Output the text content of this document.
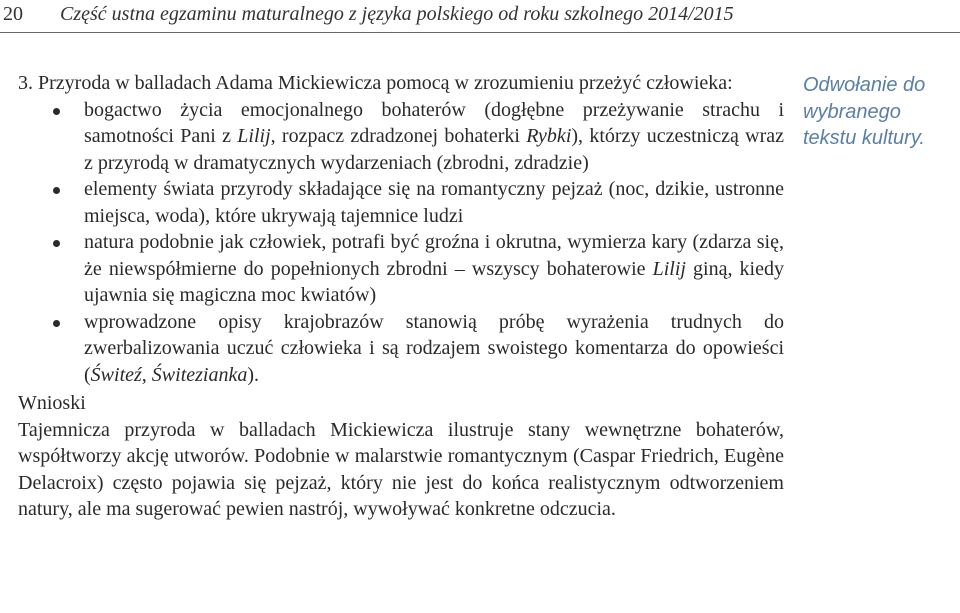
20 Część ustna egzaminu maturalnego z języka polskiego od roku szkolnego 2014/2015

3. Przyroda w balladach Adama Mickiewicza pomocą w zrozumieniu przeżyć człowieka:

bogactwo życia emocjonalnego bohaterów (dogłębne przeżywanie strachu i samotności Pani z Lilij, rozpacz zdradzonej bohaterki Rybki), którzy uczestniczą wraz z przyrodą w dramatycznych wydarzeniach (zbrodni, zdradzie)
elementy świata przyrody składające się na romantyczny pejzaż (noc, dzikie, ustronne miejsca, woda), które ukrywają tajemnice ludzi
natura podobnie jak człowiek, potrafi być groźna i okrutna, wymierza kary (zdarza się, że niewspółmierne do popełnionych zbrodni – wszyscy bohaterowie Lilij giną, kiedy ujawnia się magiczna moc kwiatów)
wprowadzone opisy krajobrazów stanowią próbę wyrażenia trudnych do zwerbalizowania uczuć człowieka i są rodzajem swoistego komentarza do opowieści (Świteź, Świtezianka).

Wnioski

Tajemnicza przyroda w balladach Mickiewicza ilustruje stany wewnętrzne bohaterów, współtworzy akcję utworów. Podobnie w malarstwie romantycznym (Caspar Friedrich, Eugène Delacroix) często pojawia się pejzaż, który nie jest do końca realistycznym odtworzeniem natury, ale ma sugerować pewien nastrój, wywoływać konkretne odczucia.

Odwołanie do
wybranego
tekstu kultury.
